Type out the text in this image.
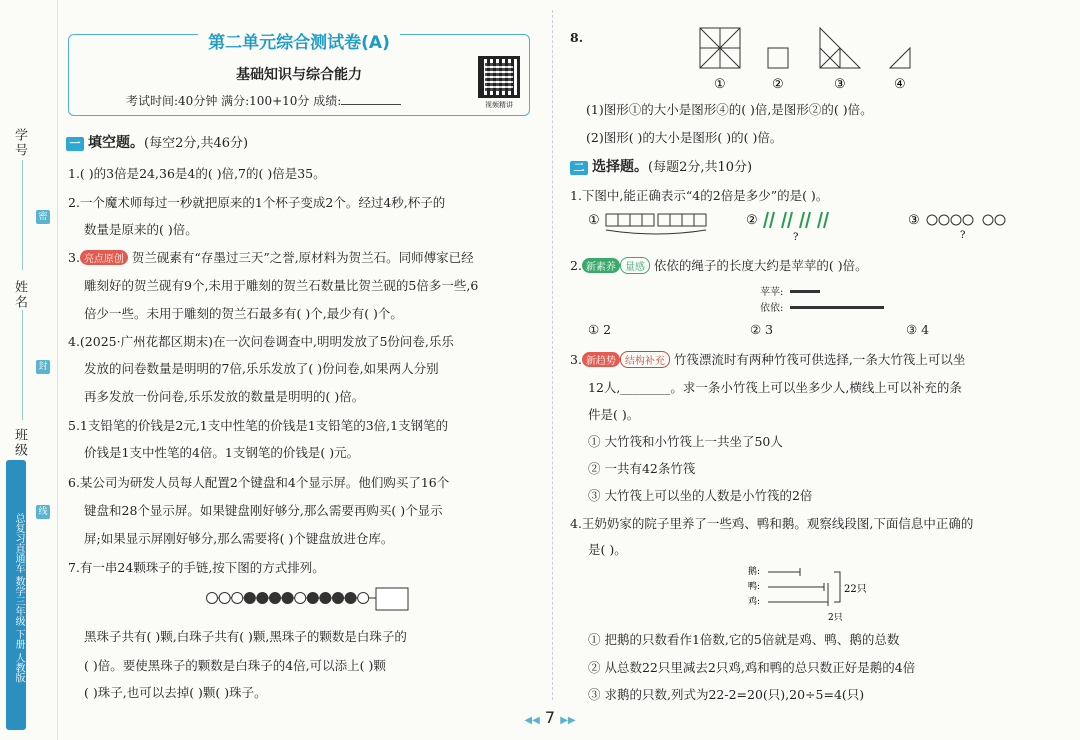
学号
姓名
班级
密
封
线
总复习直通车 数学三年级 下册 人教版
第二单元综合测试卷(A)
基础知识与综合能力
考试时间:40分钟 满分:100+10分 成绩:	视频精讲
一 填空题。(每空2分,共46分)
1.( )的3倍是24,36是4的( )倍,7的( )倍是35。
2.一个魔术师每过一秒就把原来的1个杯子变成2个。经过4秒,杯子的
数量是原来的( )倍。
3. 亮点原创 贺兰砚素有“存墨过三天”之誉,原材料为贺兰石。同师傅家已经
雕刻好的贺兰砚有9个,未用于雕刻的贺兰石数量比贺兰砚的5倍多一些,6
倍少一些。未用于雕刻的贺兰石最多有( )个,最少有( )个。
4.(2025·广州花都区期末)在一次问卷调查中,明明发放了5份问卷,乐乐
发放的问卷数量是明明的7倍,乐乐发放了( )份问卷,如果两人分别
再多发放一份问卷,乐乐发放的数量是明明的( )倍。
5.1支铅笔的价钱是2元,1支中性笔的价钱是1支铅笔的3倍,1支钢笔的
价钱是1支中性笔的4倍。1支钢笔的价钱是( )元。
6.某公司为研发人员每人配置2个键盘和4个显示屏。他们购买了16个
键盘和28个显示屏。如果键盘刚好够分,那么需要再购买( )个显示
屏;如果显示屏刚好够分,那么需要将( )个键盘放进仓库。
7.有一串24颗珠子的手链,按下图的方式排列。
黑珠子共有( )颗,白珠子共有( )颗,黑珠子的颗数是白珠子的
( )倍。要使黑珠子的颗数是白珠子的4倍,可以添上( )颗
( )珠子,也可以去掉( )颗( )珠子。
8.
①	②	③	④
(1)图形①的大小是图形④的( )倍,是图形②的( )倍。
(2)图形( )的大小是图形( )的( )倍。
二 选择题。(每题2分,共10分)
1.下图中,能正确表示“4的2倍是多少”的是( )。
①	②
?
③
?
2. 新素养 量感 依依的绳子的长度大约是苹苹的( )倍。
苹苹:
依依:
① 2	② 3	③ 4
3. 新趋势 结构补充 竹筏漂流时有两种竹筏可供选择,一条大竹筏上可以坐
12人,________。求一条小竹筏上可以坐多少人,横线上可以补充的条
件是( )。
① 大竹筏和小竹筏上一共坐了50人
② 一共有42条竹筏
③ 大竹筏上可以坐的人数是小竹筏的2倍
4.王奶奶家的院子里养了一些鸡、鸭和鹅。观察线段图,下面信息中正确的
是( )。
鹅:
鸭:
鸡:
22只
2只
① 把鹅的只数看作1倍数,它的5倍就是鸡、鸭、鹅的总数
② 从总数22只里减去2只鸡,鸡和鸭的总只数正好是鹅的4倍
③ 求鹅的只数,列式为22-2=20(只),20÷5=4(只)
◀◀ 7 ▶▶
